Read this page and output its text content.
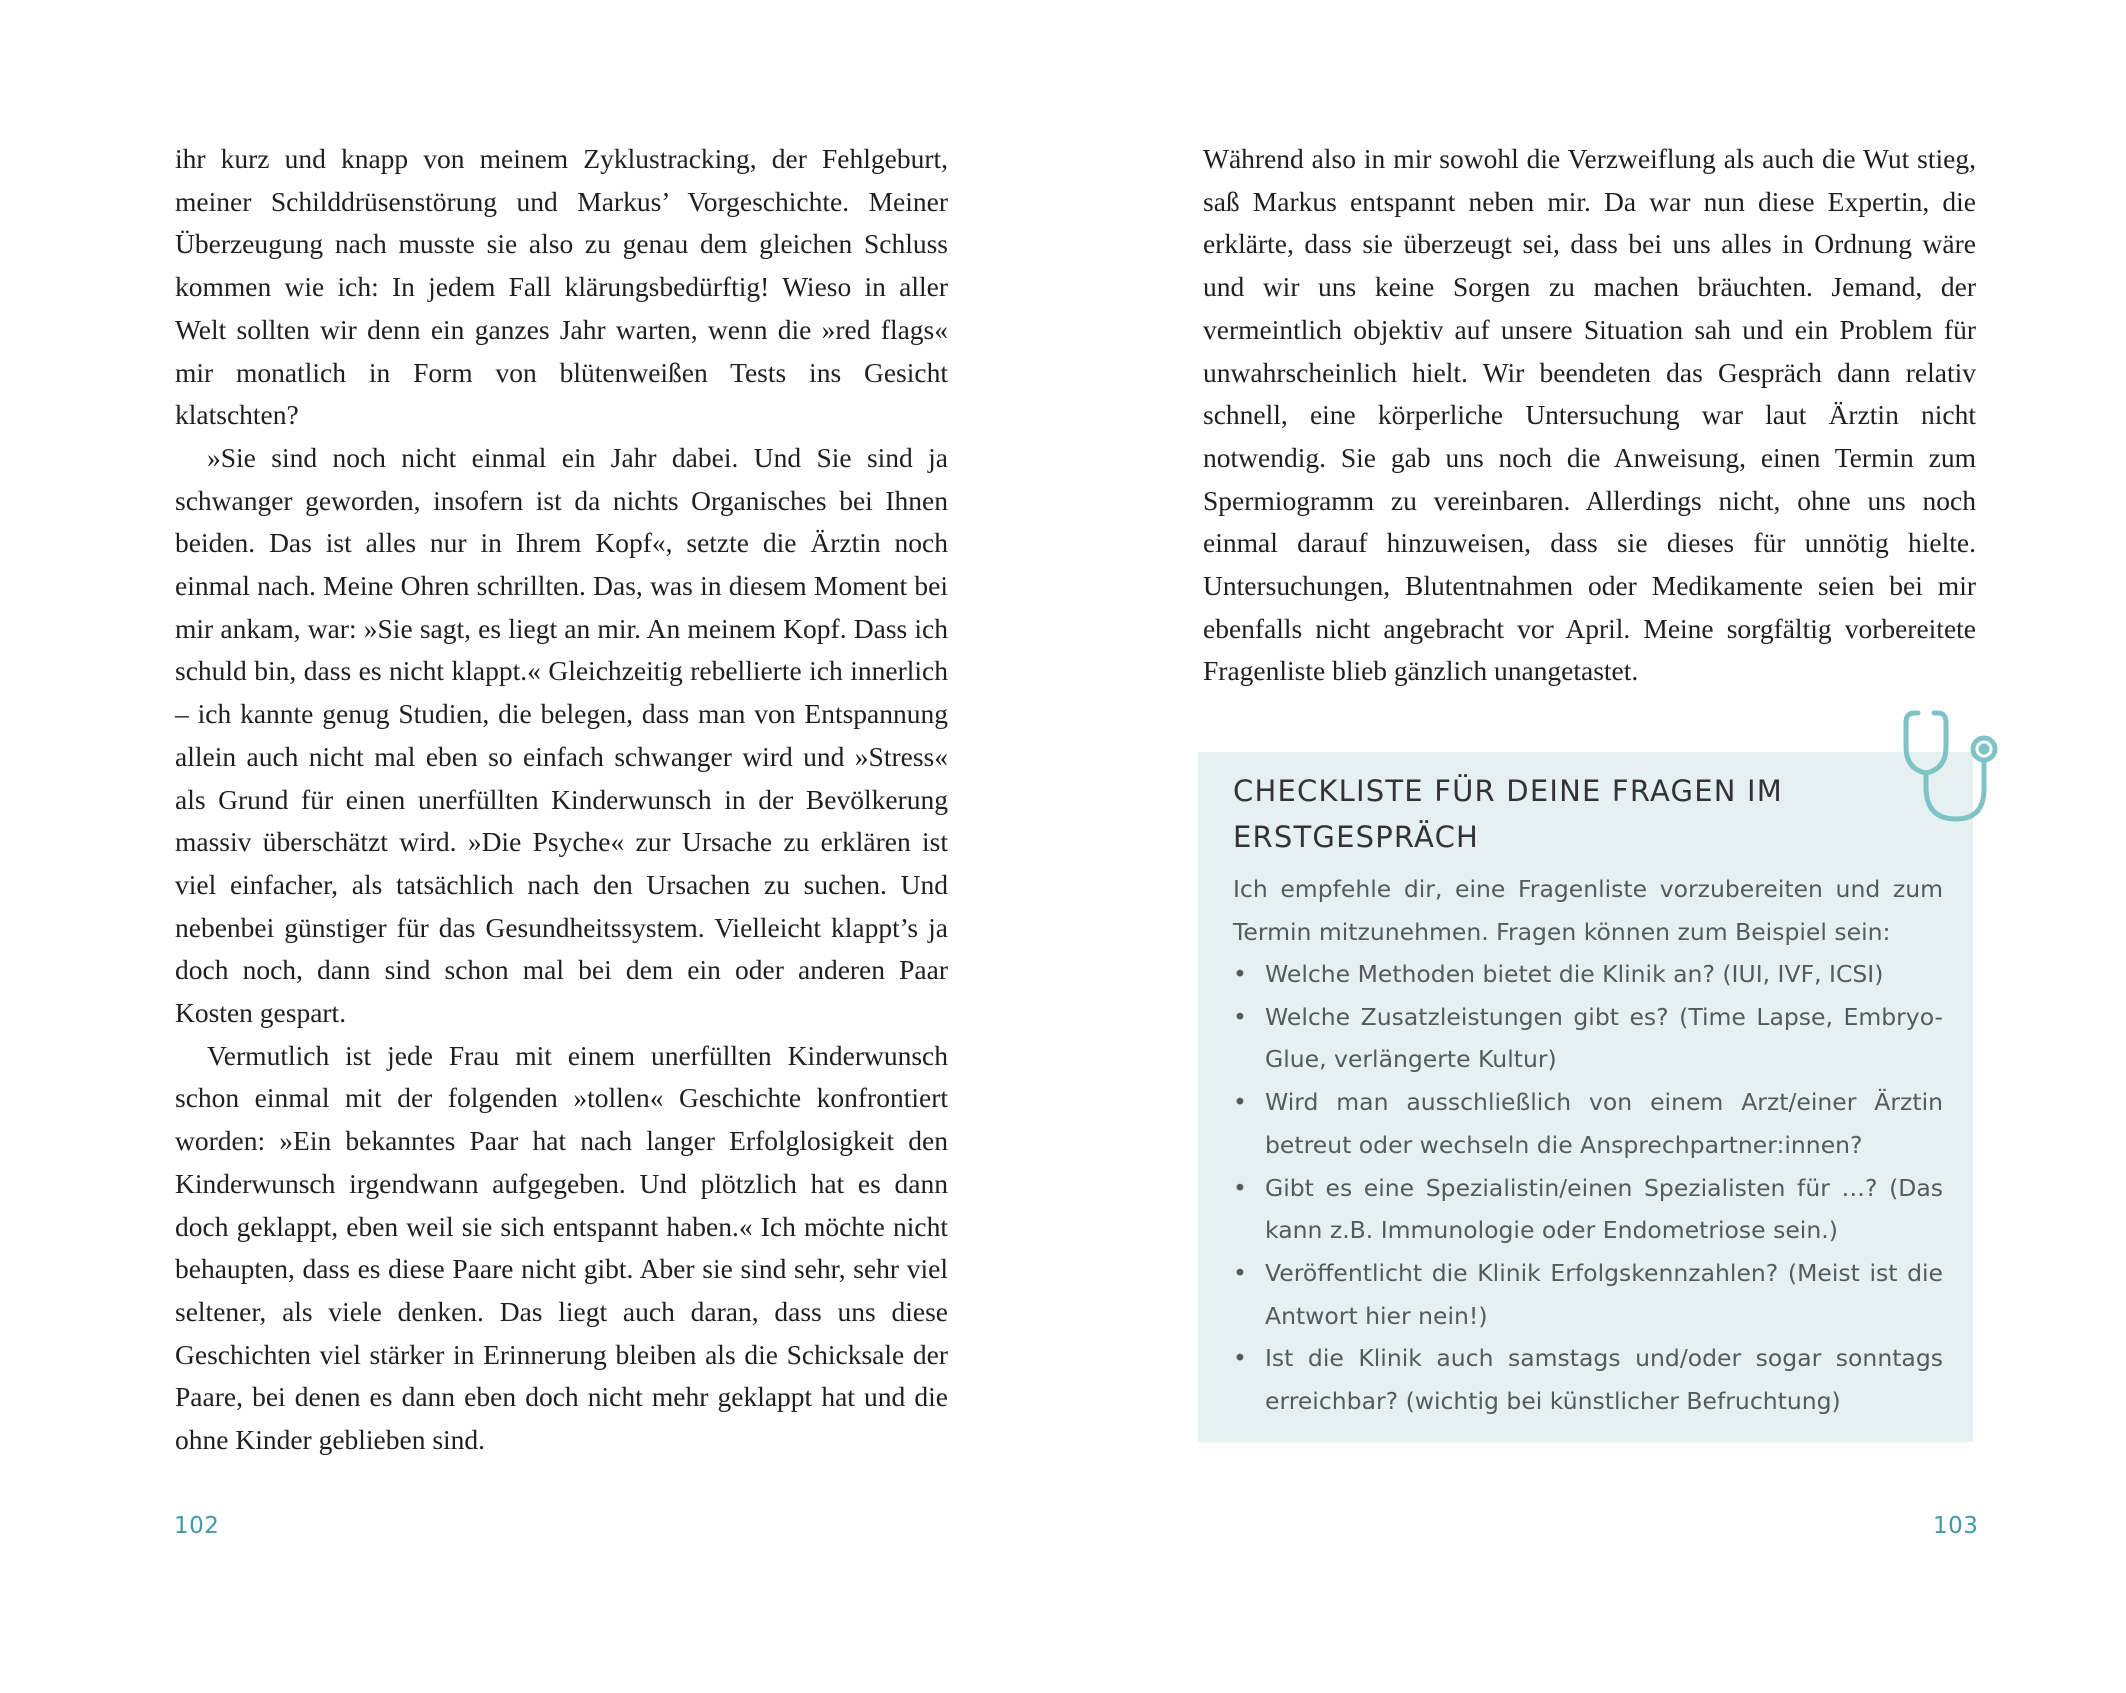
ihr kurz und knapp von meinem Zyklustracking, der Fehlgeburt, meiner Schilddrüsenstörung und Markus’ Vorgeschichte. Meiner Überzeugung nach musste sie also zu genau dem gleichen Schluss kommen wie ich: In jedem Fall klärungsbedürftig! Wieso in aller Welt sollten wir denn ein ganzes Jahr warten, wenn die »red flags« mir monatlich in Form von blütenweißen Tests ins Gesicht klatschten?

»Sie sind noch nicht einmal ein Jahr dabei. Und Sie sind ja schwanger geworden, insofern ist da nichts Organisches bei Ihnen beiden. Das ist alles nur in Ihrem Kopf«, setzte die Ärztin noch einmal nach. Meine Ohren schrillten. Das, was in diesem Moment bei mir ankam, war: »Sie sagt, es liegt an mir. An meinem Kopf. Dass ich schuld bin, dass es nicht klappt.« Gleichzeitig rebellierte ich innerlich – ich kannte genug Studien, die belegen, dass man von Entspannung allein auch nicht mal eben so einfach schwanger wird und »Stress« als Grund für einen unerfüllten Kinderwunsch in der Bevölkerung massiv überschätzt wird. »Die Psyche« zur Ursache zu erklären ist viel einfacher, als tatsächlich nach den Ursachen zu suchen. Und nebenbei günstiger für das Gesundheitssystem. Vielleicht klappt’s ja doch noch, dann sind schon mal bei dem ein oder anderen Paar Kosten gespart.

Vermutlich ist jede Frau mit einem unerfüllten Kinderwunsch schon einmal mit der folgenden »tollen« Geschichte konfrontiert worden: »Ein bekanntes Paar hat nach langer Erfolglosigkeit den Kinderwunsch irgendwann aufgegeben. Und plötzlich hat es dann doch geklappt, eben weil sie sich entspannt haben.« Ich möchte nicht behaupten, dass es diese Paare nicht gibt. Aber sie sind sehr, sehr viel seltener, als viele denken. Das liegt auch daran, dass uns diese Geschichten viel stärker in Erinnerung bleiben als die Schicksale der Paare, bei denen es dann eben doch nicht mehr geklappt hat und die ohne Kinder geblieben sind.

102

Während also in mir sowohl die Verzweiflung als auch die Wut stieg, saß Markus entspannt neben mir. Da war nun diese Expertin, die erklärte, dass sie überzeugt sei, dass bei uns alles in Ordnung wäre und wir uns keine Sorgen zu machen bräuchten. Jemand, der vermeintlich objektiv auf unsere Situation sah und ein Problem für unwahrscheinlich hielt. Wir beendeten das Gespräch dann relativ schnell, eine körperliche Untersuchung war laut Ärztin nicht notwendig. Sie gab uns noch die Anweisung, einen Termin zum Spermiogramm zu vereinbaren. Allerdings nicht, ohne uns noch einmal darauf hinzuweisen, dass sie dieses für unnötig hielte. Untersuchungen, Blutentnahmen oder Medikamente seien bei mir ebenfalls nicht angebracht vor April. Meine sorgfältig vorbereitete Fragenliste blieb gänzlich unangetastet.

CHECKLISTE FÜR DEINE FRAGEN IM
ERSTGESPRÄCH

Ich empfehle dir, eine Fragenliste vorzubereiten und zum Termin mitzunehmen. Fragen können zum Beispiel sein:

• Welche Methoden bietet die Klinik an? (IUI, IVF, ICSI)
• Welche Zusatzleistungen gibt es? (Time Lapse, Embryo-Glue, verlängerte Kultur)
• Wird man ausschließlich von einem Arzt/einer Ärztin betreut oder wechseln die Ansprechpartner:innen?
• Gibt es eine Spezialistin/einen Spezialisten für …? (Das kann z.B. Immunologie oder Endometriose sein.)
• Veröffentlicht die Klinik Erfolgskennzahlen? (Meist ist die Antwort hier nein!)
• Ist die Klinik auch samstags und/oder sogar sonntags erreichbar? (wichtig bei künstlicher Befruchtung)
103
